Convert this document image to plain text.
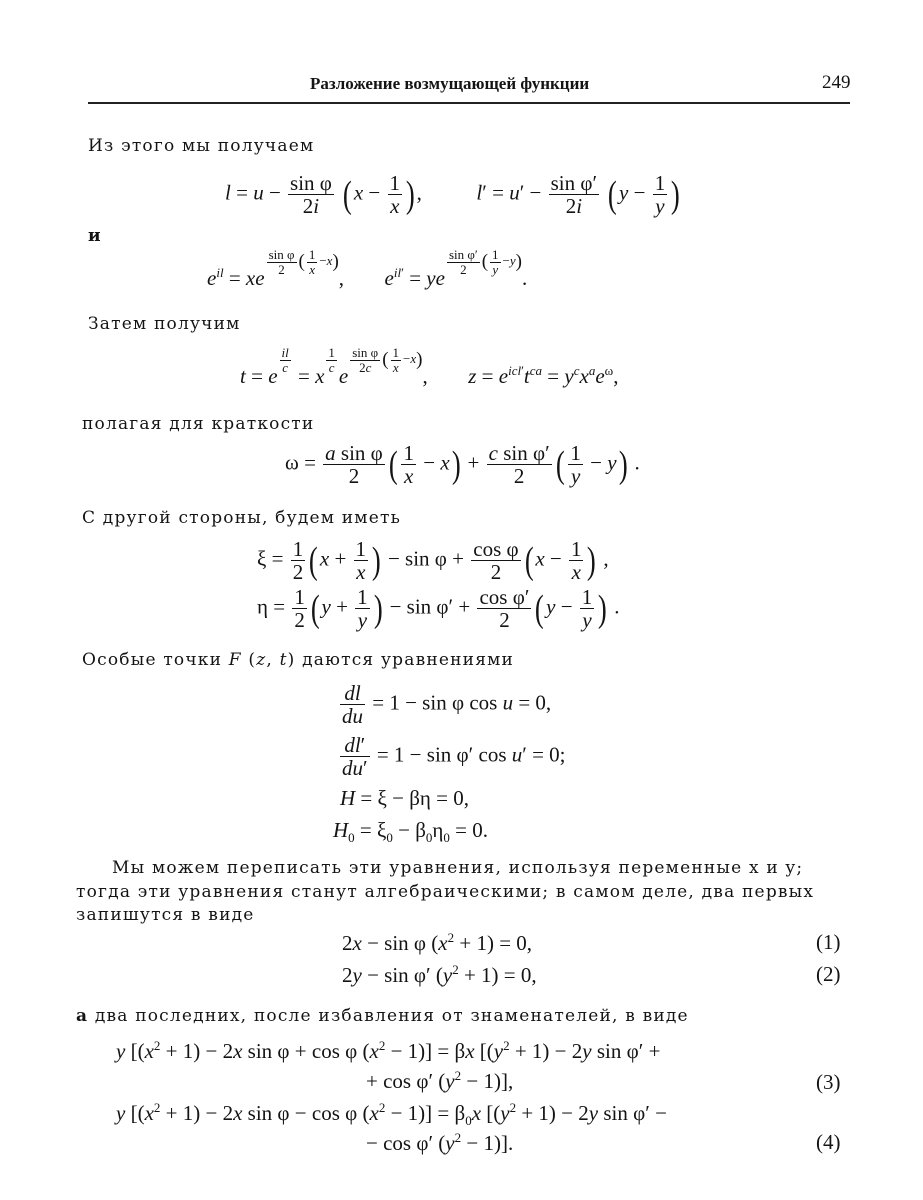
Разложение возмущающей функции	249
Из этого мы получаем
$l = u - \frac{\text{sin φ}}{2i} (x - \frac{1}{x}$ ),  $l' = u' - \frac{\text{sin φ′}}{2i} (y - \frac{1}{y}$ )
и
$e^{il}$ = xe
$\frac{\text{sin φ}}{2}$ ( $\frac{1}{x} -x$),  $e^{il'}$ = ye
$\frac{\text{sin φ′}}{2}$ ( $\frac{1}{y} -y$).
Затем получим
t = e
$\frac{il}{c}$
= x
$\frac{1}{c}$
e
$\frac{\text{sin φ}}{2c}$ ( $\frac{1}{x} -x$),  $z = e^{icl'}t^{ca} = y^cx^ae^\omega$,
полагая для краткости
$\omega = \frac{\text{a sin φ}}{2}$ ( $\frac{1}{x} - x) + \frac{\text{c sin φ′}}{2}$ ( $\frac{1}{y} - y$) .
С другой стороны, будем иметь
$\xi = \frac{1}{2} (x + \frac{1}{x}$ ) − $\sin \varphi + \frac{\text{cos φ}}{2} (x - \frac{1}{x}$ ) ,
$\eta = \frac{1}{2} (y + \frac{1}{y}$ ) − $\sin \varphi' + \frac{\text{cos φ′}}{2} (y - \frac{1}{y}$ ) .
Особые точки F (z, t) даются уравнениями
$\frac{dl}{du} = 1 - \sin \varphi$ cos u = 0,
$\frac{dl'}{du'} = 1 - \sin \varphi'$ cos u′ = 0;
H = ξ − βη = 0,
$H_0 = \xi_0 - \beta_0\eta_0 = 0$.
Мы можем переписать эти уравнения, используя переменные x и y;
тогда эти уравнения станут алгебраическими; в самом деле, два первых
запишутся в виде
2x − sin φ $(x^2 + 1) = 0$,	(1)
2y − sin φ′ $(y^2 + 1) = 0$,	(2)
а два последних, после избавления от знаменателей, в виде
y [$(x^2 + 1) - 2x$ sin φ + cos φ $(x^2 - 1)] = \beta x$ [$(y^2 + 1) - 2y$ sin φ′ +
+ cos φ′ $(y^2 - 1)$],	(3)
y [$(x^2 + 1) - 2x$ sin φ − cos φ $(x^2 - 1)] = \beta_0x$ [$(y^2 + 1) - 2y$ sin φ′ −
− cos φ′ $(y^2 - 1)$].	(4)
